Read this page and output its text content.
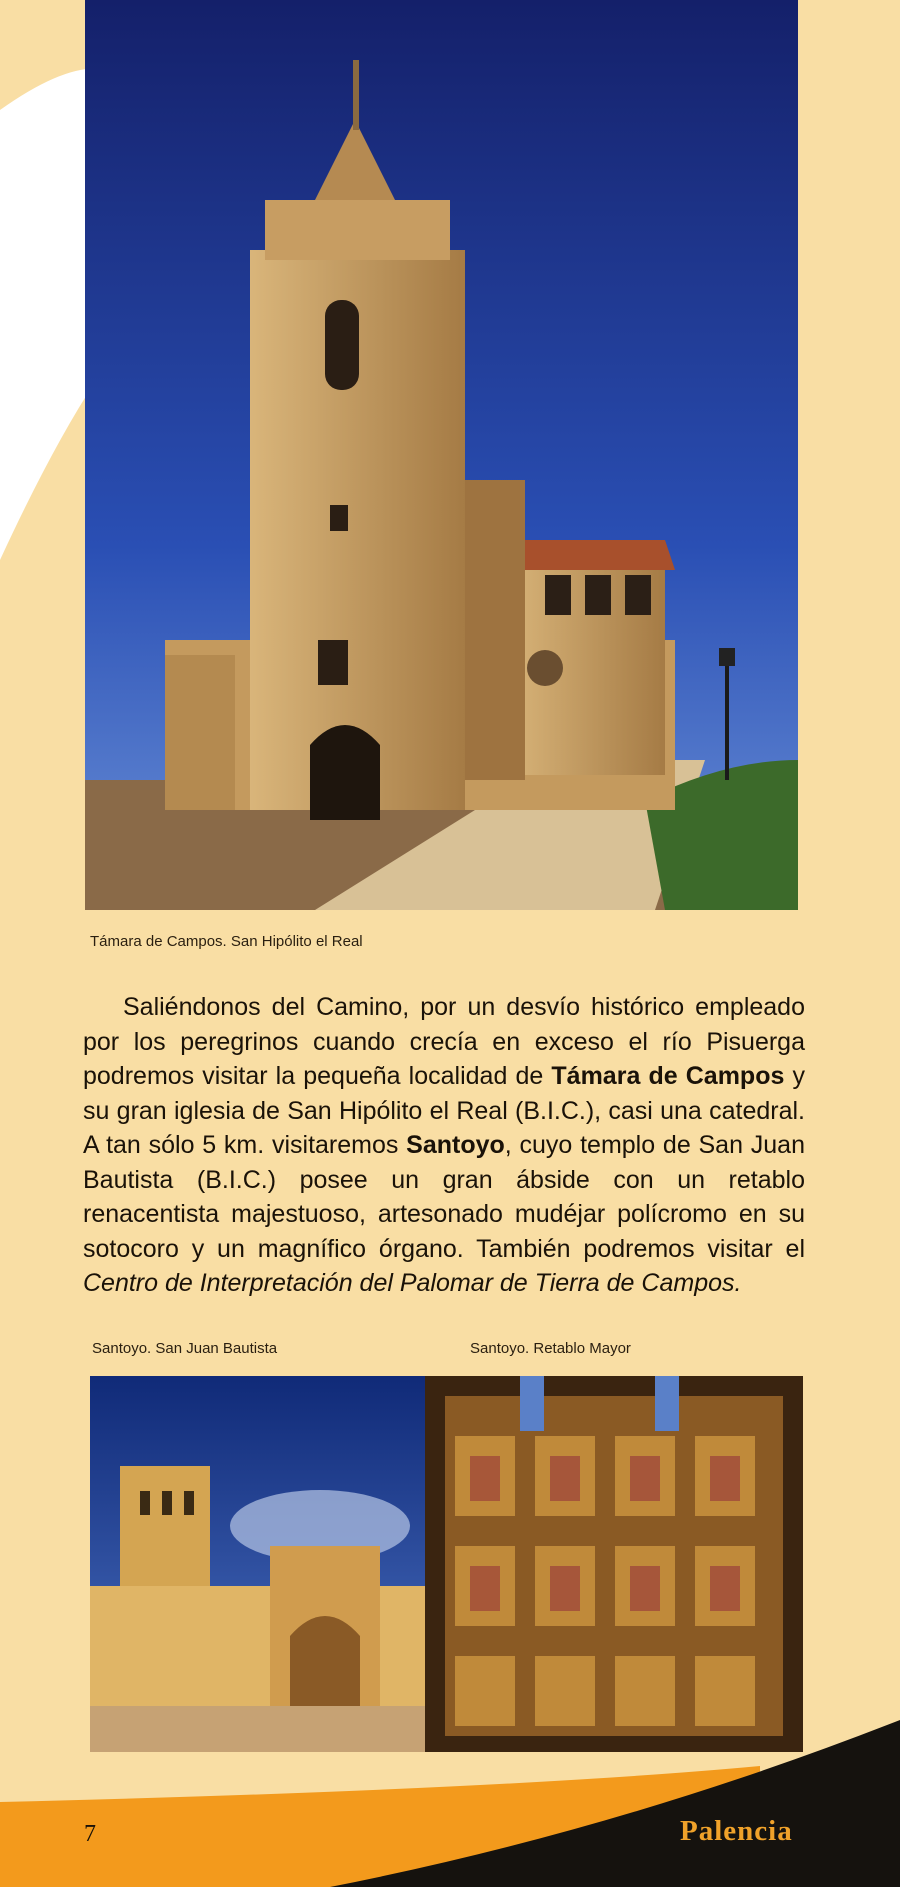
Támara de Campos. San Hipólito el Real

Saliéndonos del Camino, por un desvío histórico empleado por los peregrinos cuando crecía en exceso el río Pisuerga podremos visitar la pequeña localidad de Támara de Campos y su gran iglesia de San Hipólito el Real (B.I.C.), casi una catedral. A tan sólo 5 km. visitaremos Santoyo, cuyo templo de San Juan Bautista (B.I.C.) posee un gran ábside con un retablo renacentista majestuoso, artesonado mudéjar polícromo en su sotocoro y un magnífico órgano. También podremos visitar el Centro de Interpretación del Palomar de Tierra de Campos.

Santoyo. San Juan Bautista	Santoyo. Retablo Mayor
7	Palencia
